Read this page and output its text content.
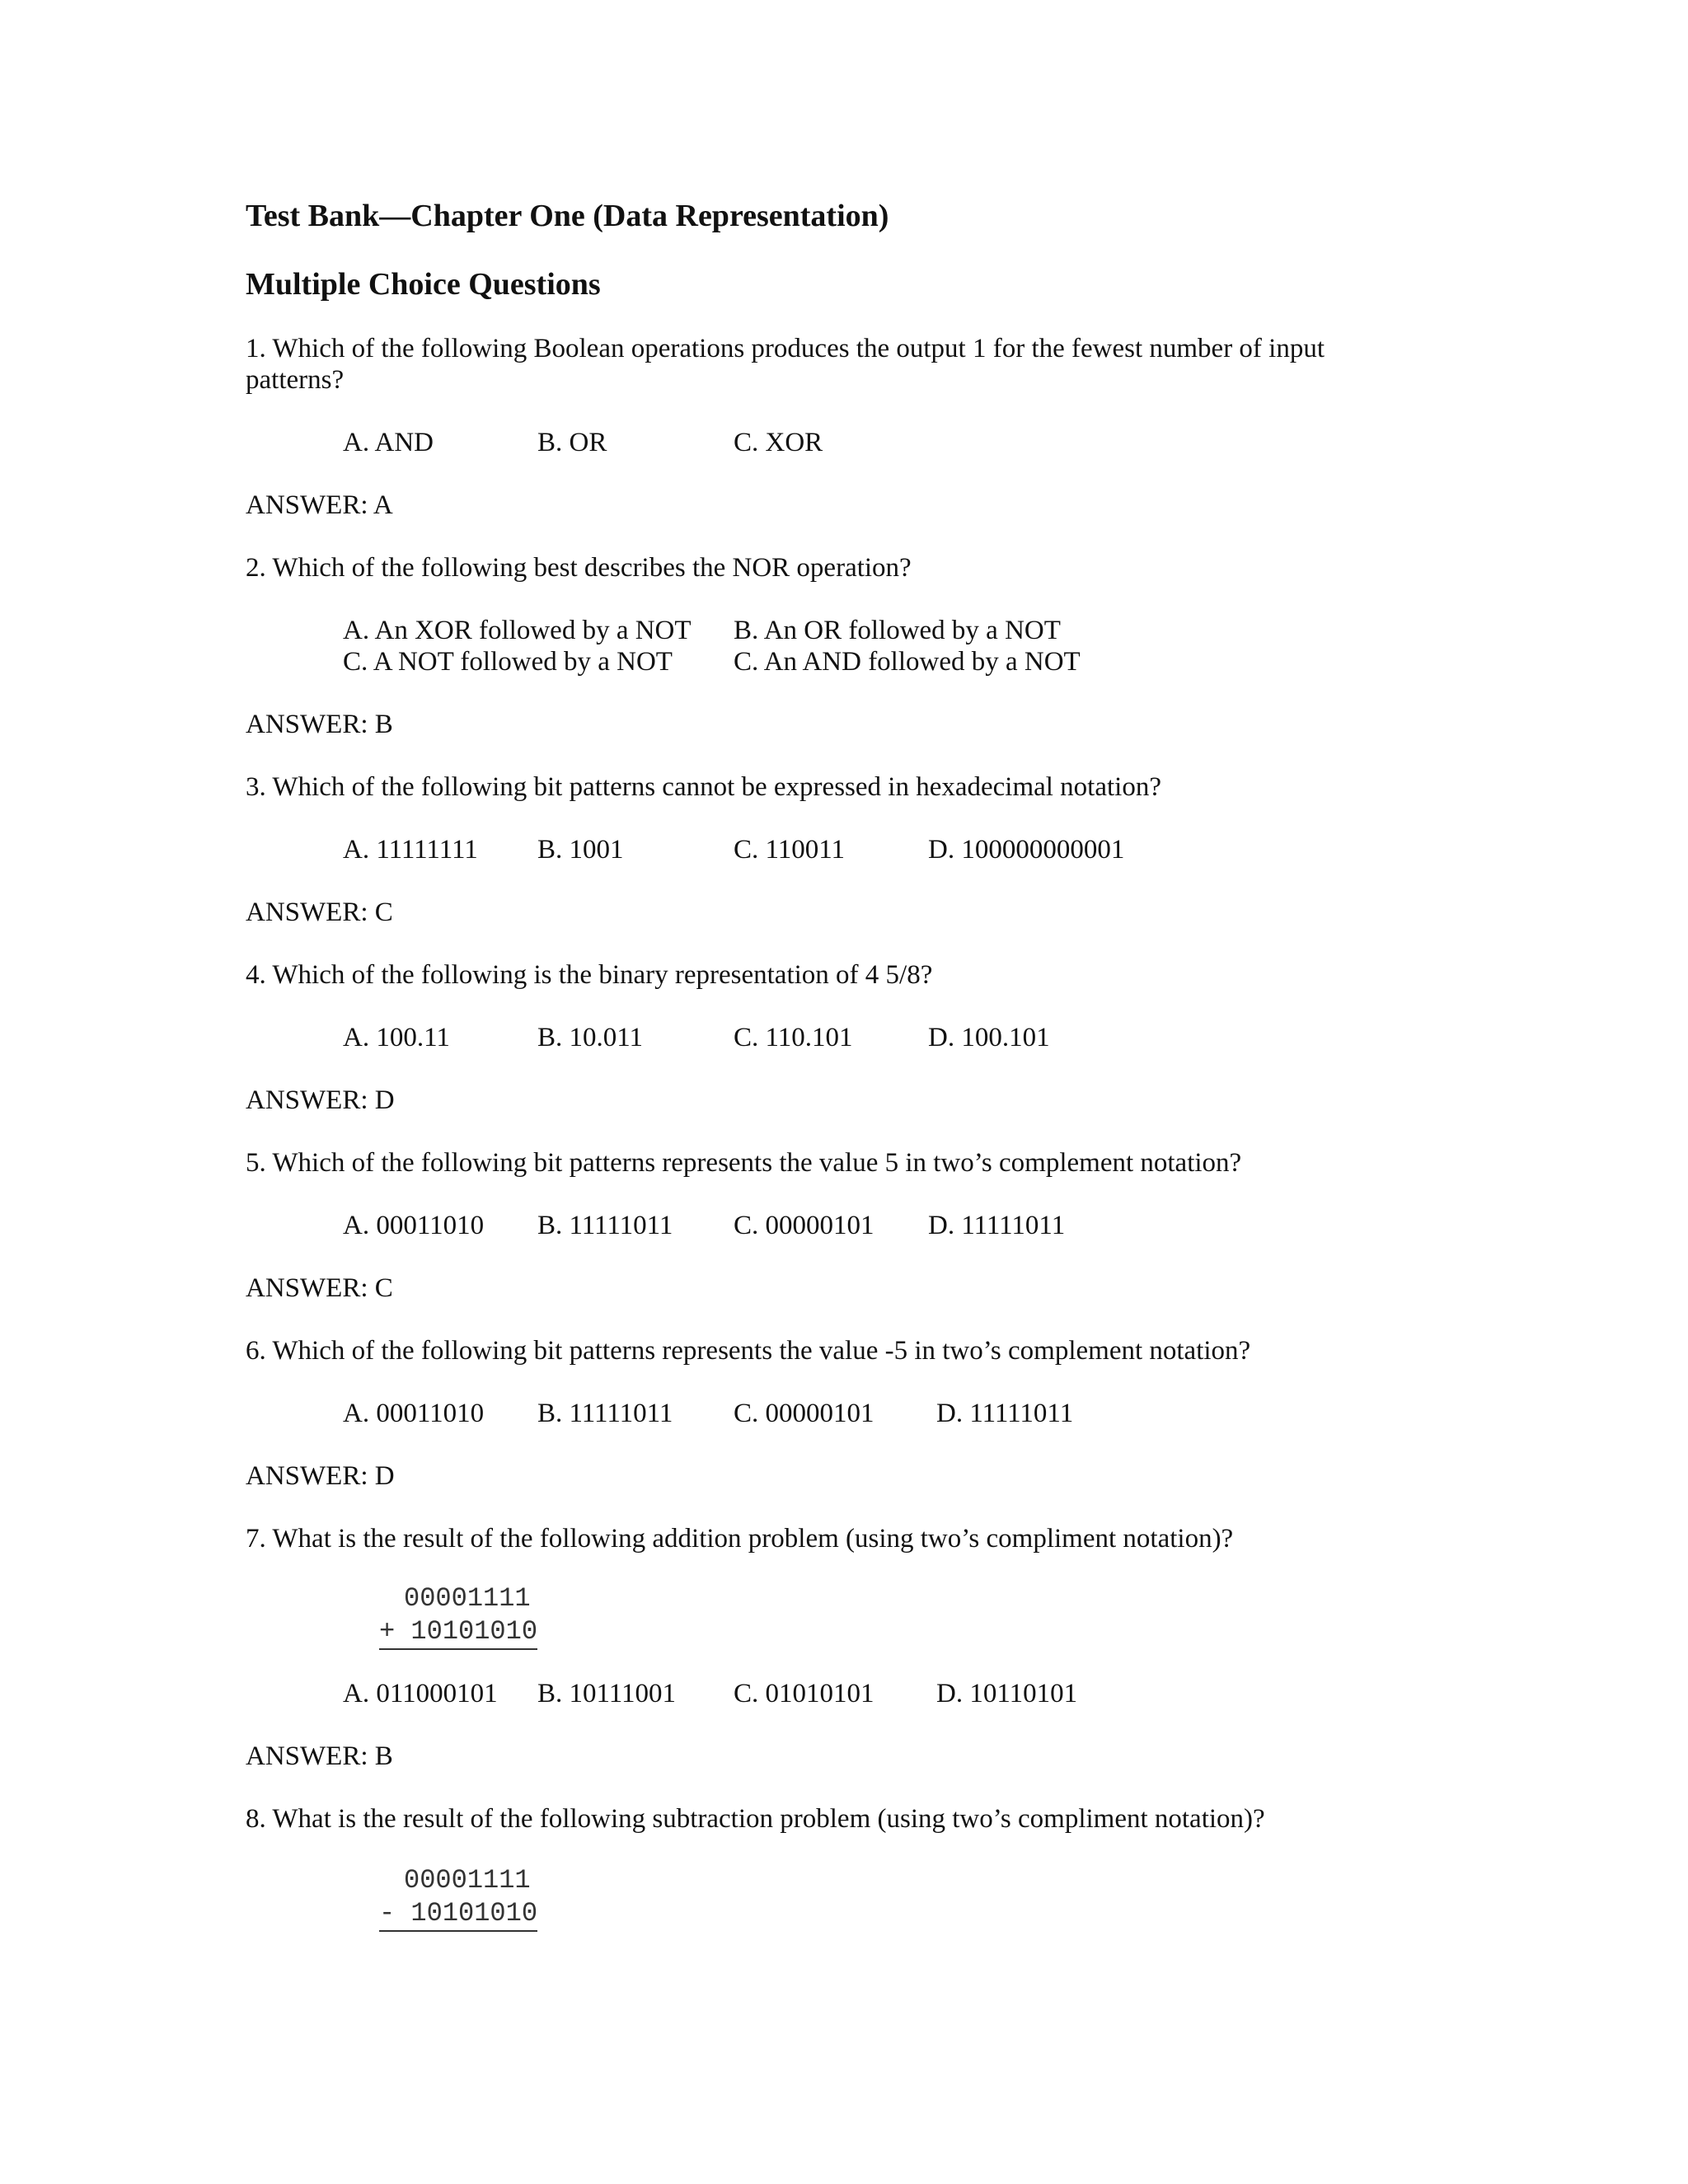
Test Bank—Chapter One (Data Representation)
Multiple Choice Questions
1. Which of the following Boolean operations produces the output 1 for the fewest number of input patterns?
A. AND	B. OR	C. XOR
ANSWER: A
2. Which of the following best describes the NOR operation?
A. An XOR followed by a NOT B. An OR followed by a NOT
C. A NOT followed by a NOT C. An AND followed by a NOT
ANSWER: B
3. Which of the following bit patterns cannot be expressed in hexadecimal notation?
A. 11111111 B. 1001	C. 110011	D. 100000000001
ANSWER: C
4. Which of the following is the binary representation of 4 5/8?
A. 100.11	B. 10.011	C. 110.101	D. 100.101
ANSWER: D
5. Which of the following bit patterns represents the value 5 in two’s complement notation?
A. 00011010 B. 11111011 C. 00000101 D. 11111011
ANSWER: C
6. Which of the following bit patterns represents the value -5 in two’s complement notation?
A. 00011010 B. 11111011 C. 00000101 D. 11111011
ANSWER: D
7. What is the result of the following addition problem (using two’s compliment notation)?
00001111
+ 10101010
A. 011000101 B. 10111001 C. 01010101 D. 10110101
ANSWER: B
8. What is the result of the following subtraction problem (using two’s compliment notation)?
00001111
- 10101010
